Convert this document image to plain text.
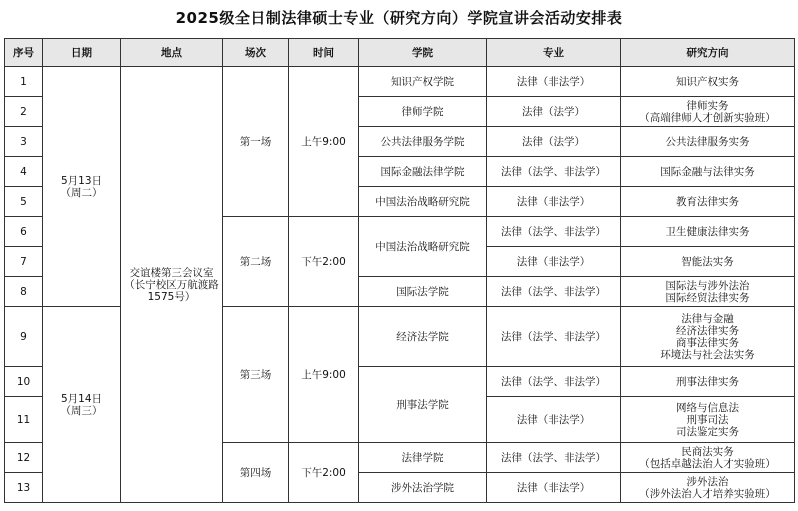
2025级全日制法律硕士专业（研究方向）学院宣讲会活动安排表
序号	日期	地点	场次	时间	学院	专业	研究方向
1	5月13日
（周二）	交谊楼第三会议室
（长宁校区万航渡路
1575号）	第一场	上午9:00	知识产权学院	法律（非法学）	知识产权实务
2					律师学院	法律（法学）	律师实务
（高端律师人才创新实验班）
3					公共法律服务学院	法律（法学）	公共法律服务实务
4					国际金融法律学院	法律（法学、非法学）	国际金融与法律实务
5					中国法治战略研究院	法律（非法学）	教育法律实务
6			第二场	下午2:00	中国法治战略研究院	法律（法学、非法学）	卫生健康法律实务
7						法律（非法学）	智能法实务
8					国际法学院	法律（法学、非法学）	国际法与涉外法治
国际经贸法律实务
9	5月14日
（周三）		第三场	上午9:00	经济法学院	法律（法学、非法学）	法律与金融
经济法律实务
商事法律实务
环境法与社会法实务
10					刑事法学院	法律（法学、非法学）	刑事法律实务
11						法律（非法学）	网络与信息法
刑事司法
司法鉴定实务
12			第四场	下午2:00	法律学院	法律（法学、非法学）	民商法实务
（包括卓越法治人才实验班）
13					涉外法治学院	法律（非法学）	涉外法治
（涉外法治人才培养实验班）
